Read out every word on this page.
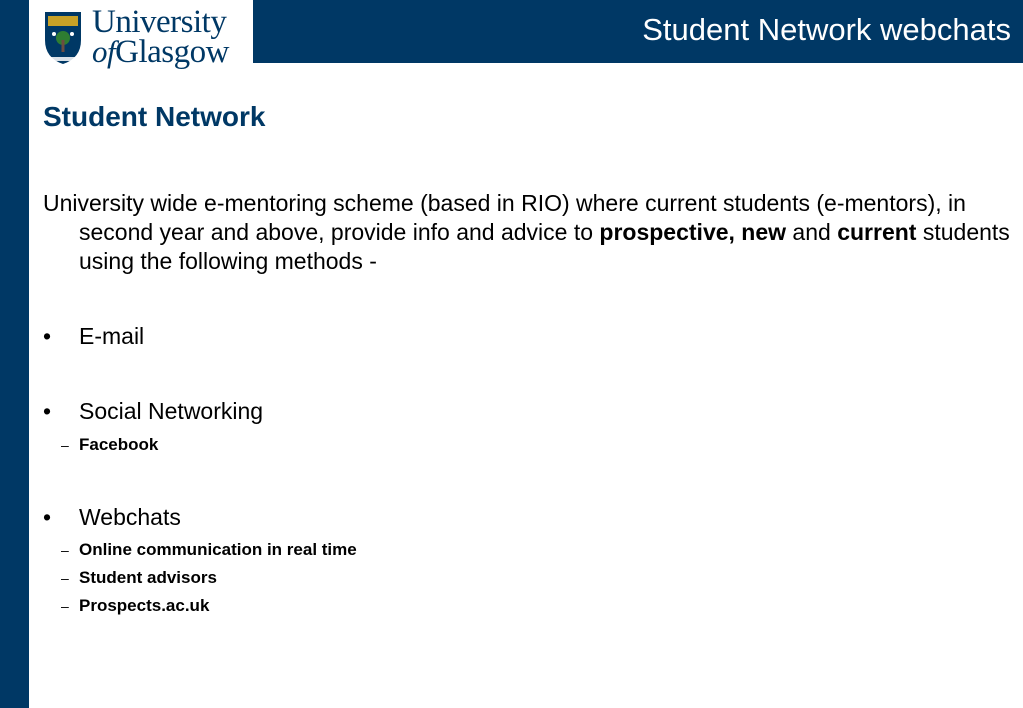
University
ofGlasgow
Student Network webchats
Student Network

University wide e-mentoring scheme (based in RIO) where current students (e-mentors), in second year and above, provide info and advice to prospective, new and current students using the following methods -

• E-mail
• Social Networking
– Facebook
• Webchats
– Online communication in real time
– Student advisors
– Prospects.ac.uk
